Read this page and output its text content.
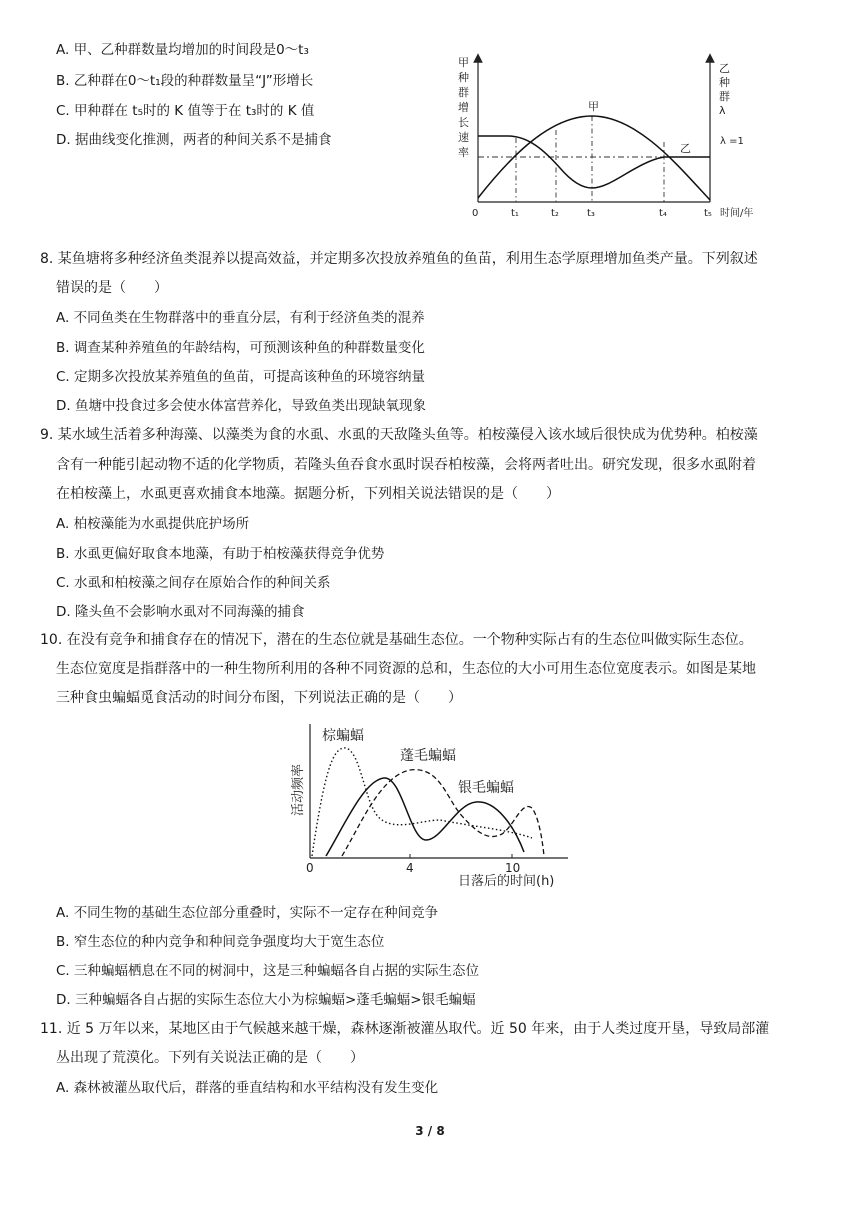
A. 甲、乙种群数量均增加的时间段是0～t₃
B. 乙种群在0～t₁段的种群数量呈“J”形增长
C. 甲种群在 t₅时的 K 值等于在 t₃时的 K 值
D. 据曲线变化推测，两者的种间关系不是捕食
甲
种
群
增
长
速
率
乙
种
群
λ
λ =1
甲
乙
0	t₁	t₂	t₃	t₄	t₅ 时间/年
8. 某鱼塘将多种经济鱼类混养以提高效益，并定期多次投放养殖鱼的鱼苗，利用生态学原理增加鱼类产量。下列叙述
错误的是（　　）
A. 不同鱼类在生物群落中的垂直分层，有利于经济鱼类的混养
B. 调查某种养殖鱼的年龄结构，可预测该种鱼的种群数量变化
C. 定期多次投放某养殖鱼的鱼苗，可提高该种鱼的环境容纳量
D. 鱼塘中投食过多会使水体富营养化，导致鱼类出现缺氧现象
9. 某水域生活着多种海藻、以藻类为食的水虱、水虱的天敌隆头鱼等。柏桉藻侵入该水域后很快成为优势种。柏桉藻
含有一种能引起动物不适的化学物质，若隆头鱼吞食水虱时误吞柏桉藻，会将两者吐出。研究发现，很多水虱附着
在柏桉藻上，水虱更喜欢捕食本地藻。据题分析，下列相关说法错误的是（　　）
A. 柏桉藻能为水虱提供庇护场所
B. 水虱更偏好取食本地藻，有助于柏桉藻获得竞争优势
C. 水虱和柏桉藻之间存在原始合作的种间关系
D. 隆头鱼不会影响水虱对不同海藻的捕食
10. 在没有竞争和捕食存在的情况下，潜在的生态位就是基础生态位。一个物种实际占有的生态位叫做实际生态位。
生态位宽度是指群落中的一种生物所利用的各种不同资源的总和，生态位的大小可用生态位宽度表示。如图是某地
三种食虫蝙蝠觅食活动的时间分布图，下列说法正确的是（　　）
活动频率
0	4	10
日落后的时间(h)
棕蝙蝠
蓬毛蝙蝠
银毛蝙蝠
A. 不同生物的基础生态位部分重叠时，实际不一定存在种间竞争
B. 窄生态位的种内竞争和种间竞争强度均大于宽生态位
C. 三种蝙蝠栖息在不同的树洞中，这是三种蝙蝠各自占据的实际生态位
D. 三种蝙蝠各自占据的实际生态位大小为棕蝙蝠>蓬毛蝙蝠>银毛蝙蝠
11. 近 5 万年以来，某地区由于气候越来越干燥，森林逐渐被灌丛取代。近 50 年来，由于人类过度开垦，导致局部灌
丛出现了荒漠化。下列有关说法正确的是（　　）
A. 森林被灌丛取代后，群落的垂直结构和水平结构没有发生变化
3 / 8
